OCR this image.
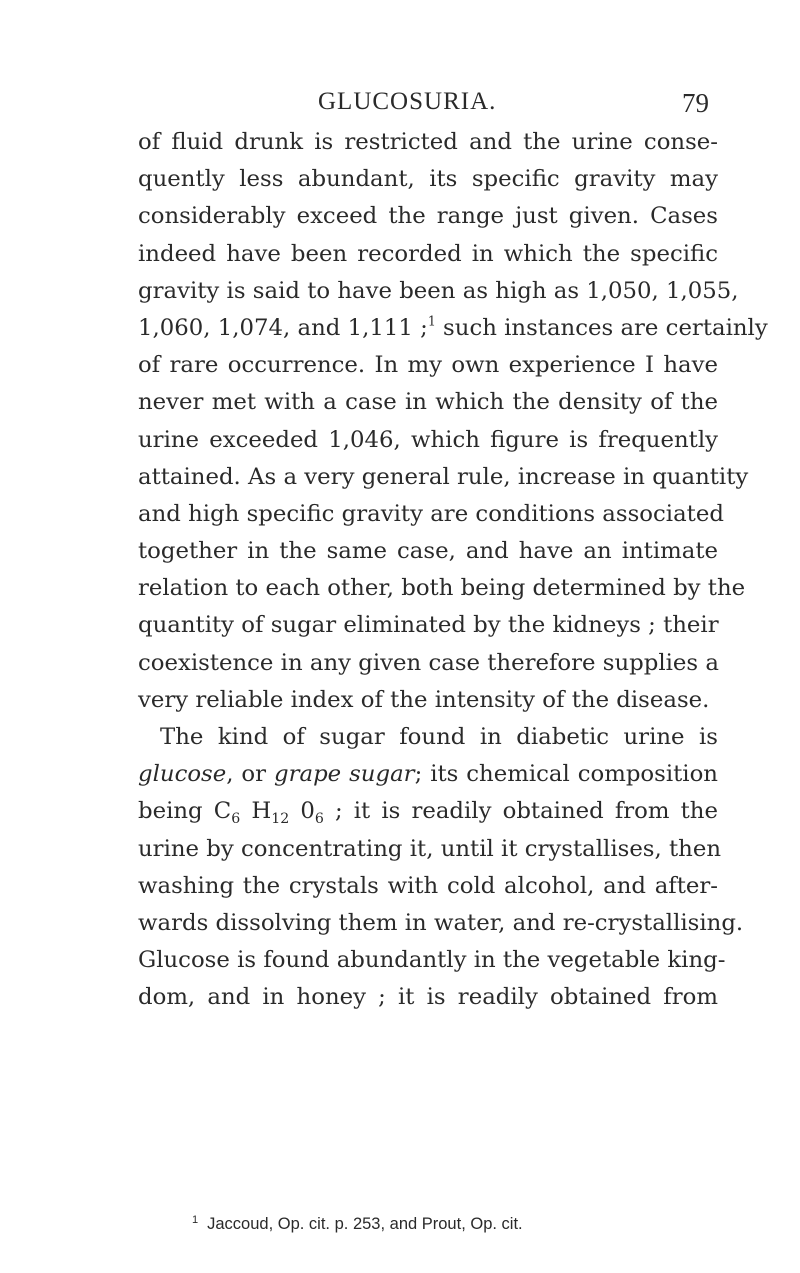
GLUCOSURIA.	79
of fluid drunk is restricted and the urine conse-
quently less abundant, its specific gravity may
considerably exceed the range just given. Cases
indeed have been recorded in which the specific
gravity is said to have been as high as 1,050, 1,055,
1,060, 1,074, and 1,111 ;$^1$ such instances are certainly
of rare occurrence. In my own experience I have
never met with a case in which the density of the
urine exceeded 1,046, which figure is frequently
attained. As a very general rule, increase in quantity
and high specific gravity are conditions associated
together in the same case, and have an intimate
relation to each other, both being determined by the
quantity of sugar eliminated by the kidneys ; their
coexistence in any given case therefore supplies a
very reliable index of the intensity of the disease.
The kind of sugar found in diabetic urine is
glucose, or grape sugar; its chemical composition
being $C_6$ $H_{12}$ $0_6$ ; it is readily obtained from the
urine by concentrating it, until it crystallises, then
washing the crystals with cold alcohol, and after-
wards dissolving them in water, and re-crystallising.
Glucose is found abundantly in the vegetable king-
dom, and in honey ; it is readily obtained from
$^1$ Jaccoud, Op. cit. p. 253, and Prout, Op. cit.
